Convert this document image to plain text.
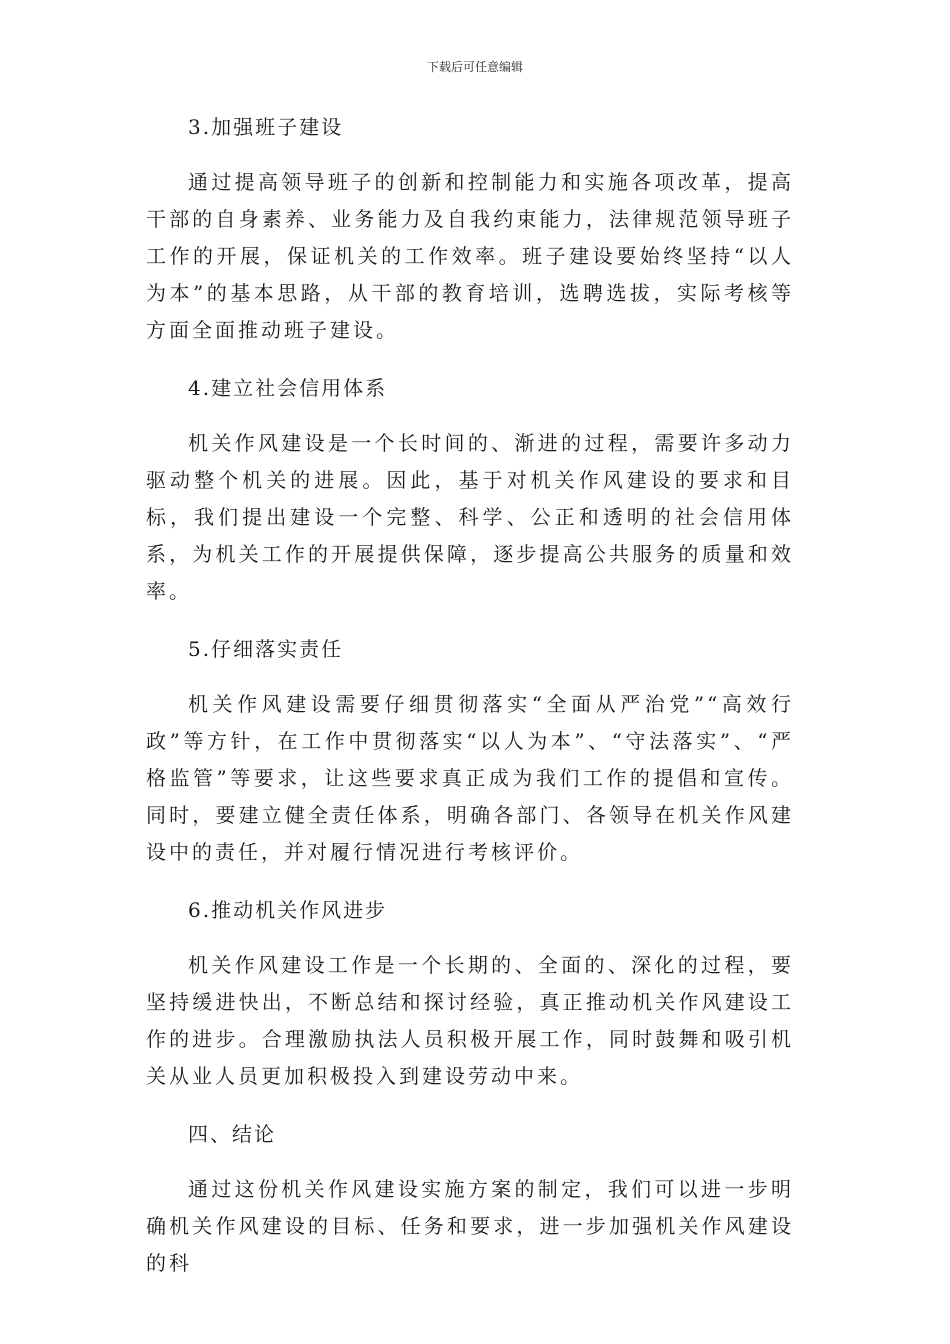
下载后可任意编辑

3.加强班子建设

通过提高领导班子的创新和控制能力和实施各项改革，提高干部的自身素养、业务能力及自我约束能力，法律规范领导班子工作的开展，保证机关的工作效率。班子建设要始终坚持“以人为本”的基本思路，从干部的教育培训，选聘选拔，实际考核等方面全面推动班子建设。

4.建立社会信用体系

机关作风建设是一个长时间的、渐进的过程，需要许多动力驱动整个机关的进展。因此，基于对机关作风建设的要求和目标，我们提出建设一个完整、科学、公正和透明的社会信用体系，为机关工作的开展提供保障，逐步提高公共服务的质量和效率。

5.仔细落实责任

机关作风建设需要仔细贯彻落实“全面从严治党”“高效行政”等方针，在工作中贯彻落实“以人为本”、“守法落实”、“严格监管”等要求，让这些要求真正成为我们工作的提倡和宣传。同时，要建立健全责任体系，明确各部门、各领导在机关作风建设中的责任，并对履行情况进行考核评价。

6.推动机关作风进步

机关作风建设工作是一个长期的、全面的、深化的过程，要坚持缓进快出，不断总结和探讨经验，真正推动机关作风建设工作的进步。合理激励执法人员积极开展工作，同时鼓舞和吸引机关从业人员更加积极投入到建设劳动中来。

四、结论

通过这份机关作风建设实施方案的制定，我们可以进一步明确机关作风建设的目标、任务和要求，进一步加强机关作风建设的科
